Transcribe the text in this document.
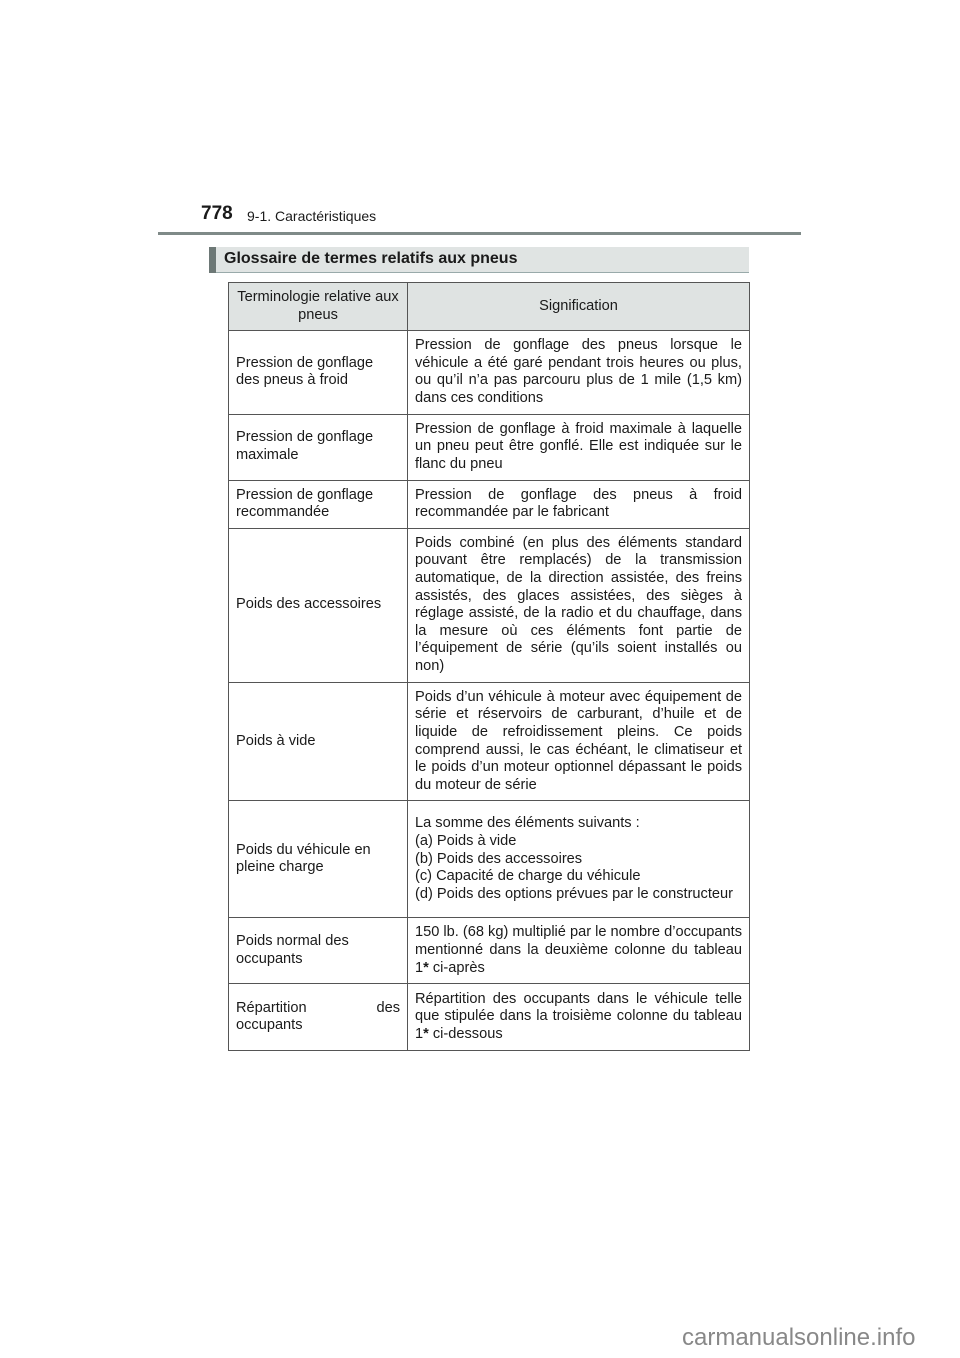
778 9-1. Caractéristiques
Glossaire de termes relatifs aux pneus
Terminologie relative aux pneus	Signification
Pression de gonflage des pneus à froid	Pression de gonflage des pneus lorsque le véhicule a été garé pendant trois heures ou plus, ou qu’il n’a pas parcouru plus de 1 mile (1,5 km) dans ces conditions
Pression de gonflage maximale	Pression de gonflage à froid maximale à laquelle un pneu peut être gonflé. Elle est indiquée sur le flanc du pneu
Pression de gonflage recommandée	Pression de gonflage des pneus à froid recommandée par le fabricant
Poids des accessoires	Poids combiné (en plus des éléments standard pouvant être remplacés) de la transmission automatique, de la direction assistée, des freins assistés, des glaces assistées, des sièges à réglage assisté, de la radio et du chauffage, dans la mesure où ces éléments font partie de l’équipement de série (qu’ils soient installés ou non)
Poids à vide	Poids d’un véhicule à moteur avec équipement de série et réservoirs de carburant, d’huile et de liquide de refroidissement pleins. Ce poids comprend aussi, le cas échéant, le climatiseur et le poids d’un moteur optionnel dépassant le poids du moteur de série
Poids du véhicule en pleine charge	La somme des éléments suivants :
(a) Poids à vide
(b) Poids des accessoires
(c) Capacité de charge du véhicule
(d) Poids des options prévues par le constructeur

Poids normal des occupants	150 lb. (68 kg) multiplié par le nombre d’occupants mentionné dans la deuxième colonne du tableau 1* ci-après
Répartition des occupants	Répartition des occupants dans le véhicule telle que stipulée dans la troisième colonne du tableau 1* ci-dessous
carmanualsonline.info
